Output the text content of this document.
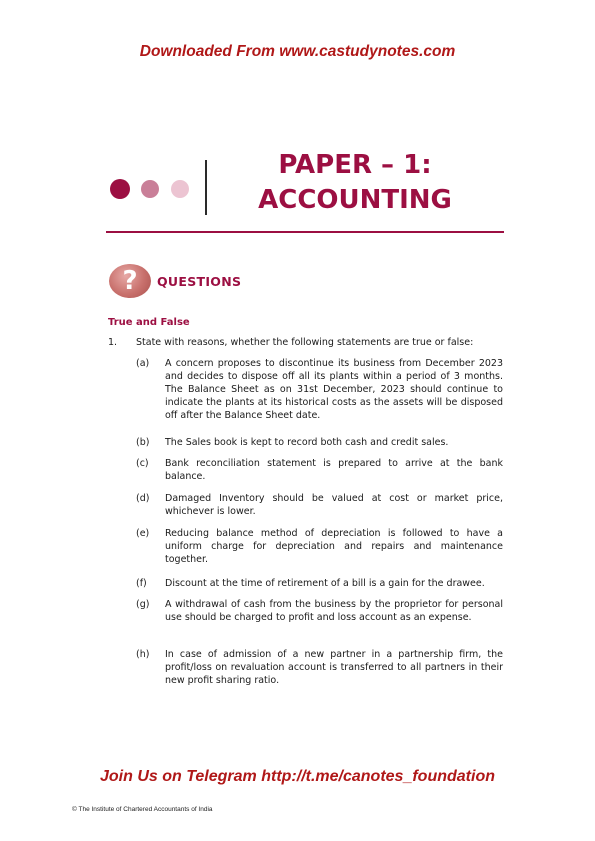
Downloaded From www.castudynotes.com
PAPER – 1:
ACCOUNTING
?	QUESTIONS
True and False
1. State with reasons, whether the following statements are true or false:
(a) A concern proposes to discontinue its business from December 2023 and decides to dispose off all its plants within a period of 3 months. The Balance Sheet as on 31st December, 2023 should continue to indicate the plants at its historical costs as the assets will be disposed off after the Balance Sheet date.
(b) The Sales book is kept to record both cash and credit sales.
(c) Bank reconciliation statement is prepared to arrive at the bank balance.
(d) Damaged Inventory should be valued at cost or market price, whichever is lower.
(e) Reducing balance method of depreciation is followed to have a uniform charge for depreciation and repairs and maintenance together.
(f) Discount at the time of retirement of a bill is a gain for the drawee.
(g) A withdrawal of cash from the business by the proprietor for personal use should be charged to profit and loss account as an expense.
(h) In case of admission of a new partner in a partnership firm, the profit/loss on revaluation account is transferred to all partners in their new profit sharing ratio.
Join Us on Telegram http://t.me/canotes_foundation
© The Institute of Chartered Accountants of India
